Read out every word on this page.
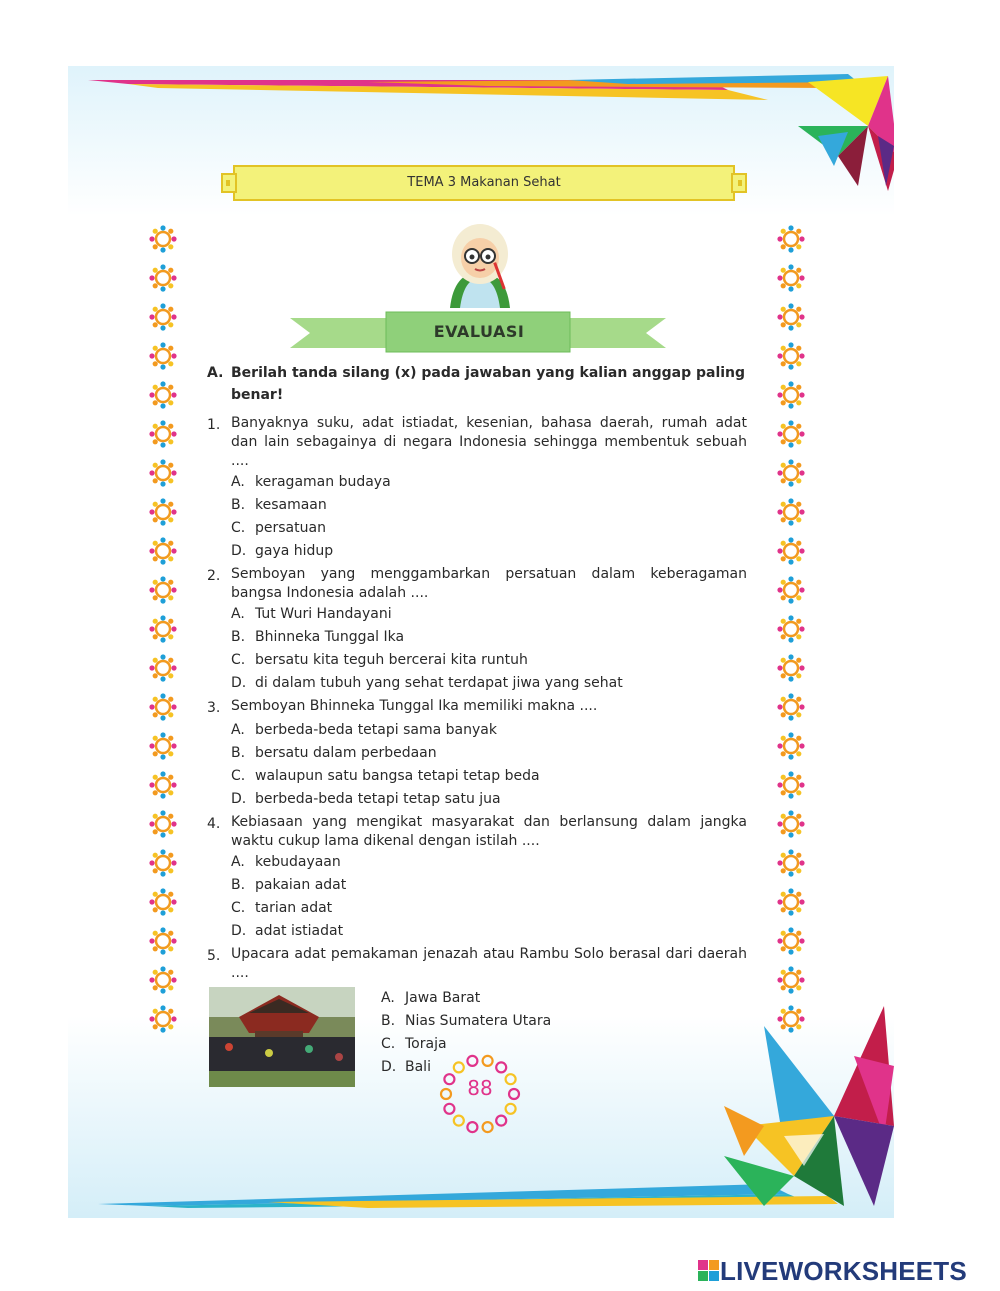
TEMA 3 Makanan Sehat
EVALUASI
A. Berilah tanda silang (x) pada jawaban yang kalian anggap paling benar!
1. Banyaknya suku, adat istiadat, kesenian, bahasa daerah, rumah adat dan lain sebagainya di negara Indonesia sehingga membentuk sebuah ....
A. keragaman budaya
B. kesamaan
C. persatuan
D. gaya hidup
2. Semboyan yang menggambarkan persatuan dalam keberagaman bangsa Indonesia adalah ....
A. Tut Wuri Handayani
B. Bhinneka Tunggal Ika
C. bersatu kita teguh bercerai kita runtuh
D. di dalam tubuh yang sehat terdapat jiwa yang sehat
3. Semboyan Bhinneka Tunggal Ika memiliki makna ....
A. berbeda-beda tetapi sama banyak
B. bersatu dalam perbedaan
C. walaupun satu bangsa tetapi tetap beda
D. berbeda-beda tetapi tetap satu jua
4. Kebiasaan yang mengikat masyarakat dan berlansung dalam jangka waktu cukup lama dikenal dengan istilah ....
A. kebudayaan
B. pakaian adat
C. tarian adat
D. adat istiadat
5. Upacara adat pemakaman jenazah atau Rambu Solo berasal dari daerah ....
A. Jawa Barat
B. Nias Sumatera Utara
C. Toraja
D. Bali
88
LIVEWORKSHEETS
